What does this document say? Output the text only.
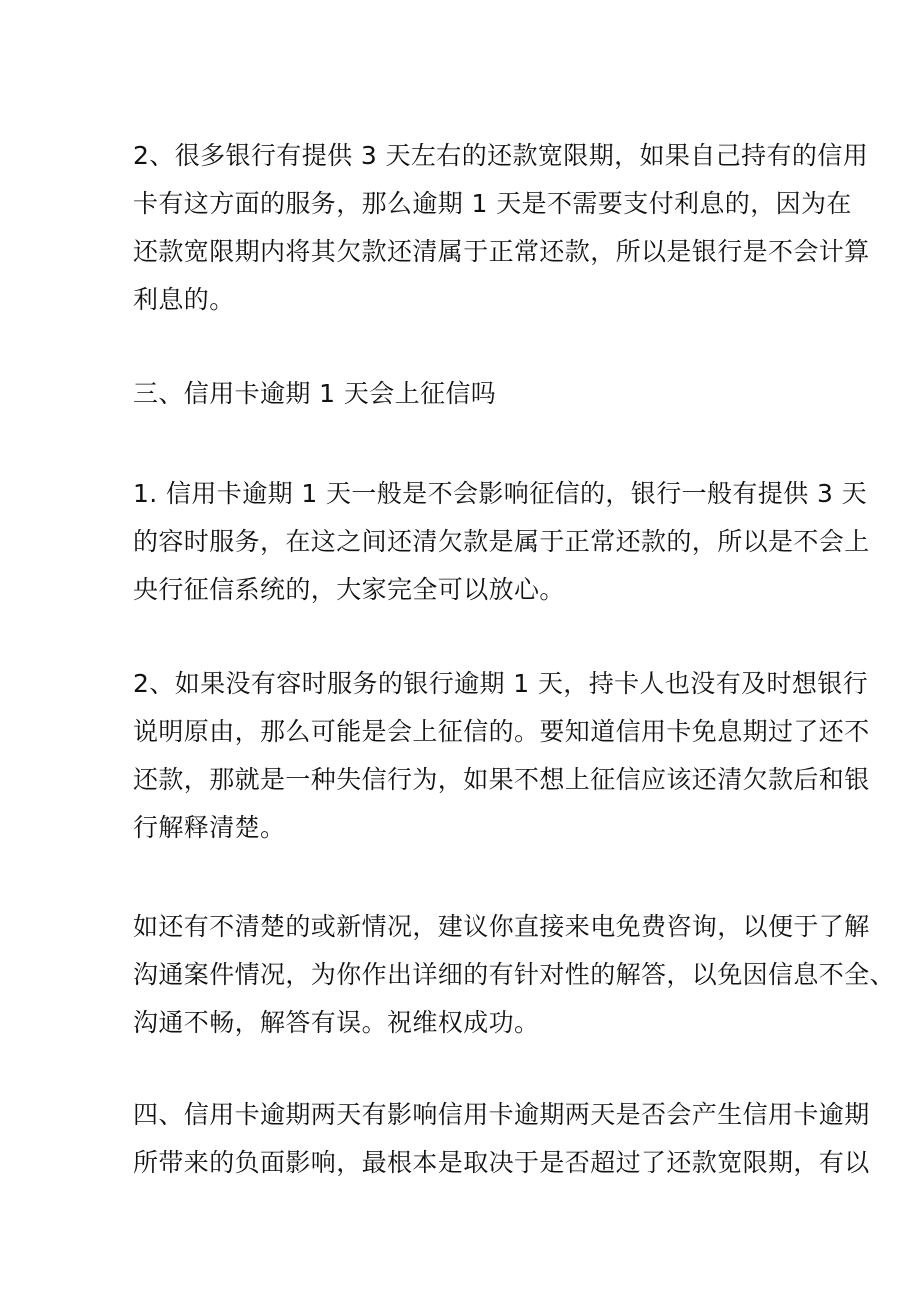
2、很多银行有提供 3 天左右的还款宽限期，如果自己持有的信用
卡有这方面的服务，那么逾期 1 天是不需要支付利息的，因为在
还款宽限期内将其欠款还清属于正常还款，所以是银行是不会计算
利息的。

三、信用卡逾期 1 天会上征信吗

1. 信用卡逾期 1 天一般是不会影响征信的，银行一般有提供 3 天
的容时服务，在这之间还清欠款是属于正常还款的，所以是不会上
央行征信系统的，大家完全可以放心。

2、如果没有容时服务的银行逾期 1 天，持卡人也没有及时想银行
说明原由，那么可能是会上征信的。要知道信用卡免息期过了还不
还款，那就是一种失信行为，如果不想上征信应该还清欠款后和银
行解释清楚。

如还有不清楚的或新情况，建议你直接来电免费咨询，以便于了解
沟通案件情况，为你作出详细的有针对性的解答，以免因信息不全、
沟通不畅，解答有误。祝维权成功。

四、信用卡逾期两天有影响信用卡逾期两天是否会产生信用卡逾期
所带来的负面影响，最根本是取决于是否超过了还款宽限期，有以
